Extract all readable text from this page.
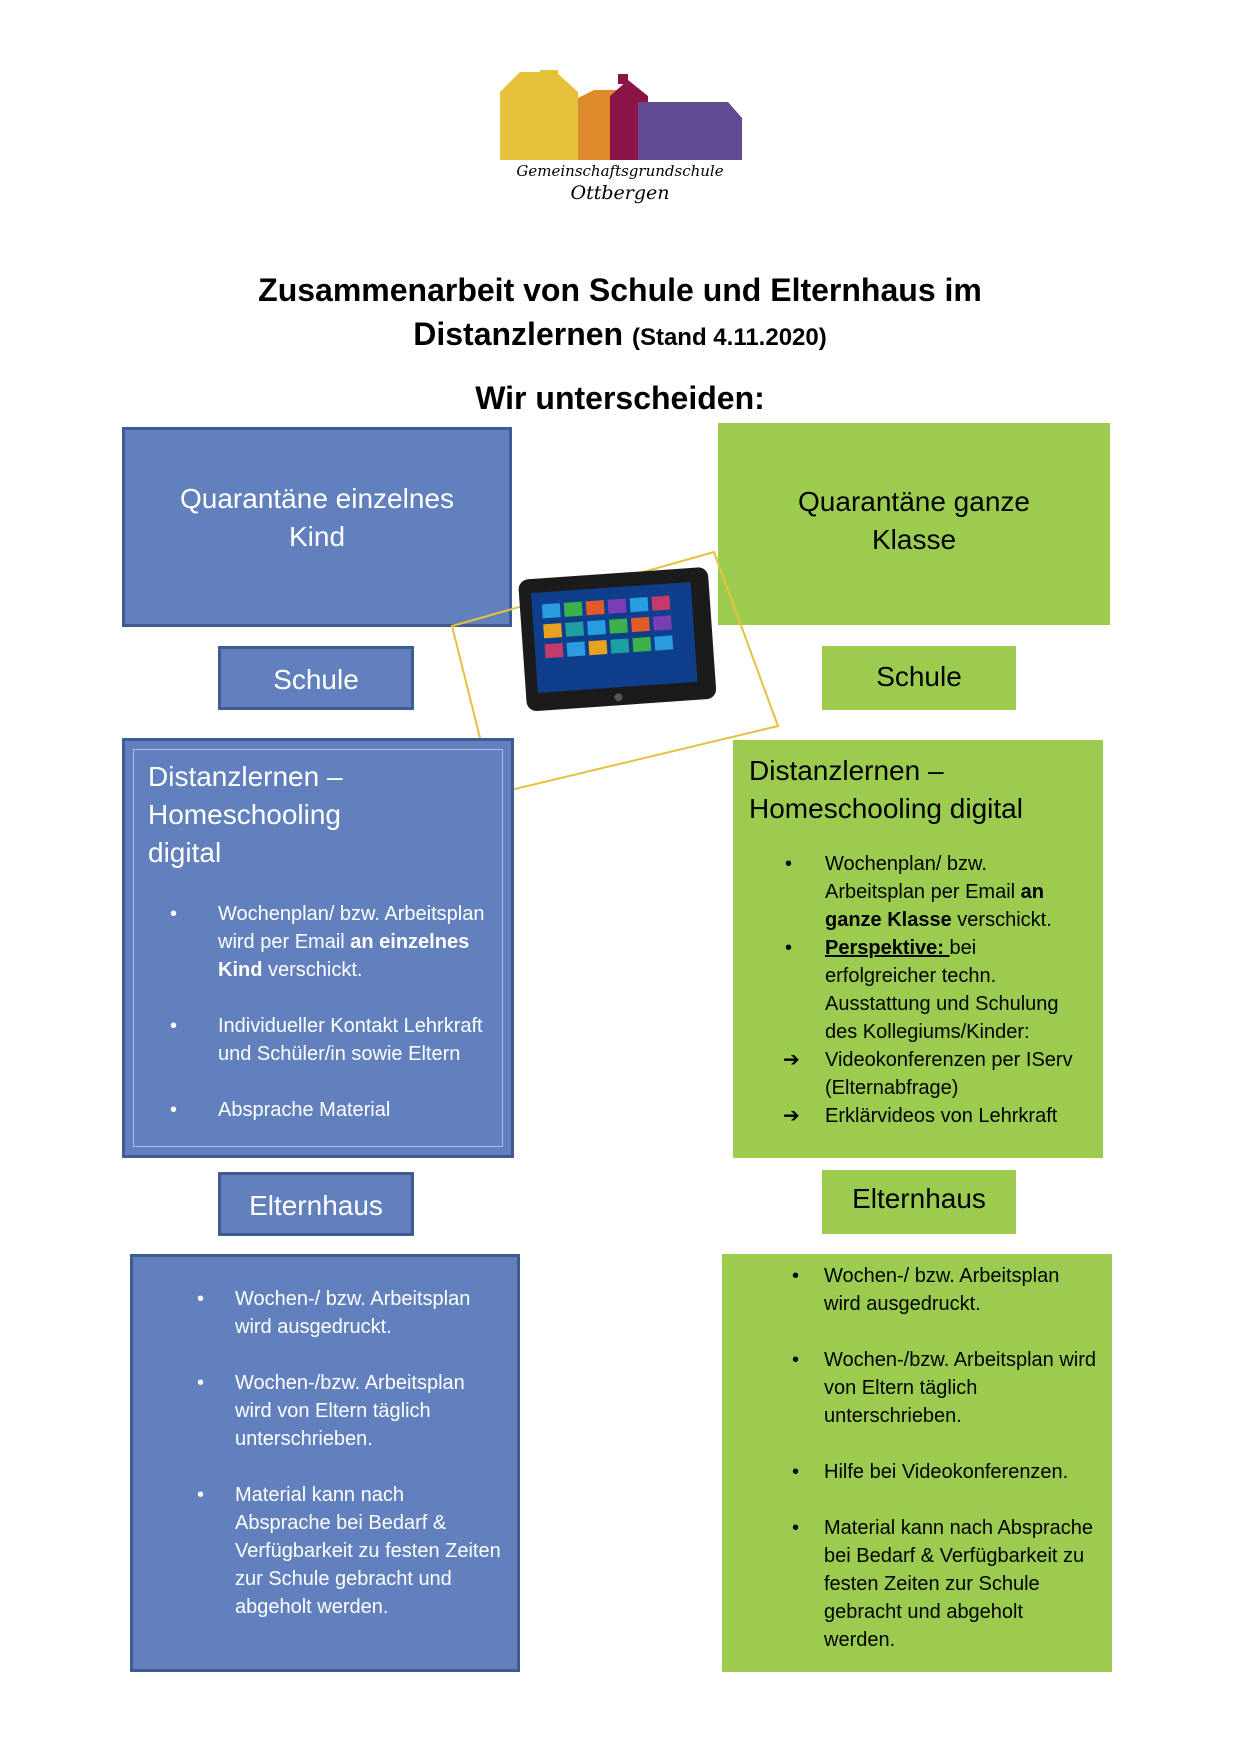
Gemeinschaftsgrundschule
Ottbergen
Zusammenarbeit von Schule und Elternhaus im
Distanzlernen (Stand 4.11.2020)
Wir unterscheiden:
Quarantäne einzelnes Kind
Quarantäne ganze Klasse
Schule	Schule
Distanzlernen – Homeschooling digital
• Wochenplan/ bzw. Arbeitsplan wird per Email an einzelnes Kind verschickt.
• Individueller Kontakt Lehrkraft und Schüler/in sowie Eltern
• Absprache Material
Distanzlernen – Homeschooling digital
• Wochenplan/ bzw. Arbeitsplan per Email an ganze Klasse verschickt.
• Perspektive: bei erfolgreicher techn. Ausstattung und Schulung des Kollegiums/Kinder:
➔ Videokonferenzen per IServ (Elternabfrage)
➔ Erklärvideos von Lehrkraft
Elternhaus	Elternhaus
• Wochen-/ bzw. Arbeitsplan wird ausgedruckt.
• Wochen-/bzw. Arbeitsplan wird von Eltern täglich unterschrieben.
• Material kann nach Absprache bei Bedarf & Verfügbarkeit zu festen Zeiten zur Schule gebracht und abgeholt werden.
• Wochen-/ bzw. Arbeitsplan wird ausgedruckt.
• Wochen-/bzw. Arbeitsplan wird von Eltern täglich unterschrieben.
• Hilfe bei Videokonferenzen.
• Material kann nach Absprache bei Bedarf & Verfügbarkeit zu festen Zeiten zur Schule gebracht und abgeholt werden.
